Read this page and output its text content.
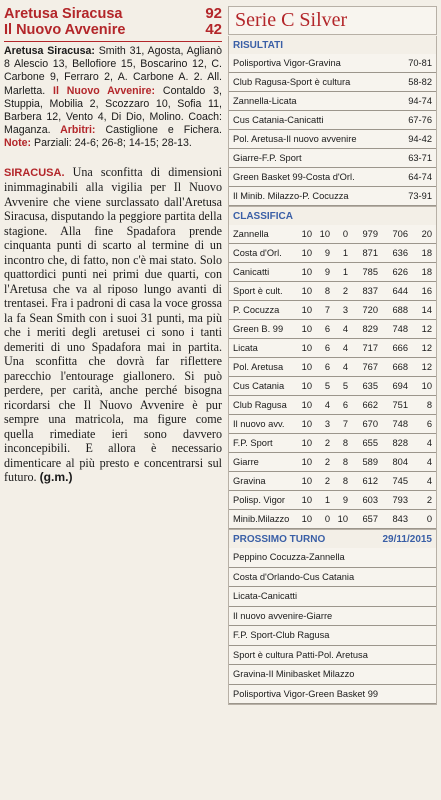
Aretusa Siracusa	92
Il Nuovo Avvenire	42
Aretusa Siracusa: Smith 31, Agosta, Aglianò 8 Alescio 13, Bellofiore 15, Boscarino 12, C. Carbone 9, Ferraro 2, A. Carbone A. 2. All. Marletta. Il Nuovo Avvenire: Contaldo 3, Stuppia, Mobilia 2, Scozzaro 10, Sofia 11, Barbera 12, Vento 4, Di Dio, Molino. Coach: Maganza. Arbitri: Castiglione e Fichera. Note: Parziali: 24-6; 26-8; 14-15; 28-13.
SIRACUSA. Una sconfitta di dimensioni inimmaginabili alla vigilia per Il Nuovo Avvenire che viene surclassato dall'Aretusa Siracusa, disputando la peggiore partita della stagione. Alla fine Spadafora prende cinquanta punti di scarto al termine di un incontro che, di fatto, non c'è mai stato. Solo quattordici punti nei primi due quarti, con l'Aretusa che va al riposo lungo avanti di trentasei. Fra i padroni di casa la voce grossa la fa Sean Smith con i suoi 31 punti, ma più che i meriti degli aretusei ci sono i tanti demeriti di uno Spadafora mai in partita. Una sconfitta che dovrà far riflettere parecchio l'entourage giallonero. Si può perdere, per carità, anche perché bisogna ricordarsi che Il Nuovo Avvenire è pur sempre una matricola, ma figure come quella rimediate ieri sono davvero inconcepibili. E allora è necessario dimenticare al più presto e concentrarsi sul futuro. (g.m.)
Serie C Silver
RISULTATI
Polisportiva Vigor-Gravina	70-81
Club Ragusa-Sport è cultura	58-82
Zannella-Licata	94-74
Cus Catania-Canicatti	67-76
Pol. Aretusa-Il nuovo avvenire	94-42
Giarre-F.P. Sport	63-71
Green Basket 99-Costa d'Orl.	64-74
Il Minib. Milazzo-P. Cocuzza	73-91
CLASSIFICA
Zannella	10 10	0	979	706	20
Costa d'Orl.	10	9	1	871	636	18
Canicatti	10	9	1	785	626	18
Sport è cult.	10	8	2	837	644	16
P. Cocuzza	10	7	3	720	688	14
Green B. 99	10	6	4	829	748	12
Licata	10	6	4	717	666	12
Pol. Aretusa	10	6	4	767	668	12
Cus Catania	10	5	5	635	694	10
Club Ragusa	10	4	6	662	751	8
Il nuovo avv.	10	3	7	670	748	6
F.P. Sport	10	2	8	655	828	4
Giarre	10	2	8	589	804	4
Gravina	10	2	8	612	745	4
Polisp. Vigor	10	1	9	603	793	2
Minib.Milazzo	10	0 10	657	843	0
PROSSIMO TURNO	29/11/2015
Peppino Cocuzza-Zannella
Costa d'Orlando-Cus Catania
Licata-Canicatti
Il nuovo avvenire-Giarre
F.P. Sport-Club Ragusa
Sport è cultura Patti-Pol. Aretusa
Gravina-Il Minibasket Milazzo
Polisportiva Vigor-Green Basket 99
